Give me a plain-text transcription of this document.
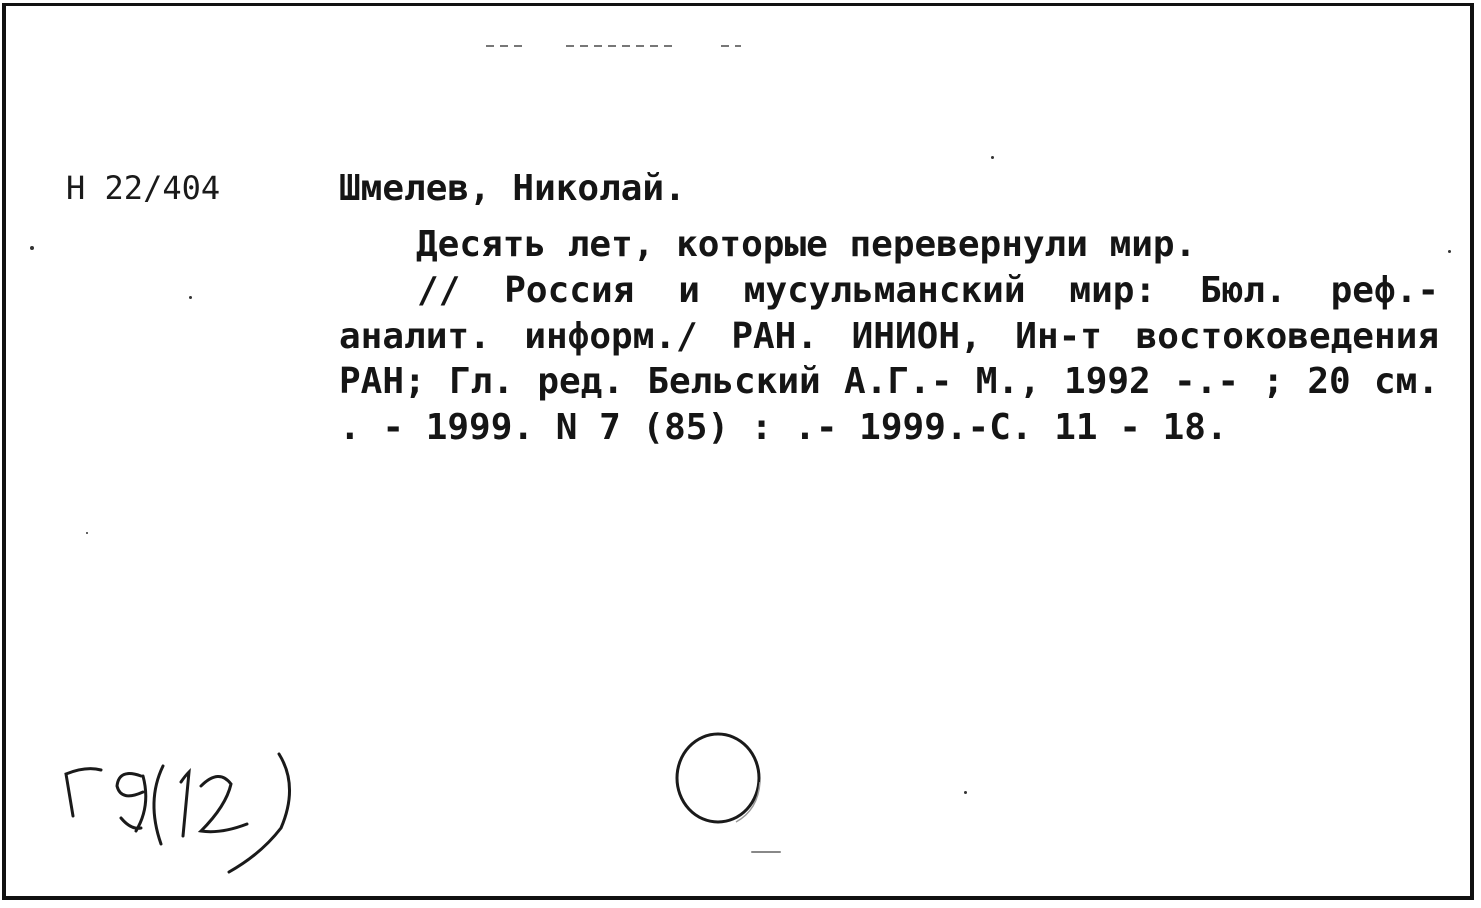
Н 22/404	Шмелев, Николай.
Десять лет, которые перевернули мир.
// Россия и мусульманский мир: Бюл. реф.-аналит. информ./ РАН. ИНИОН, Ин-т востоковедения РАН; Гл. ред. Бельский А.Г.- М., 1992 -.- ; 20 см. . - 1999. N 7 (85) : .- 1999.-С. 11 - 18.
